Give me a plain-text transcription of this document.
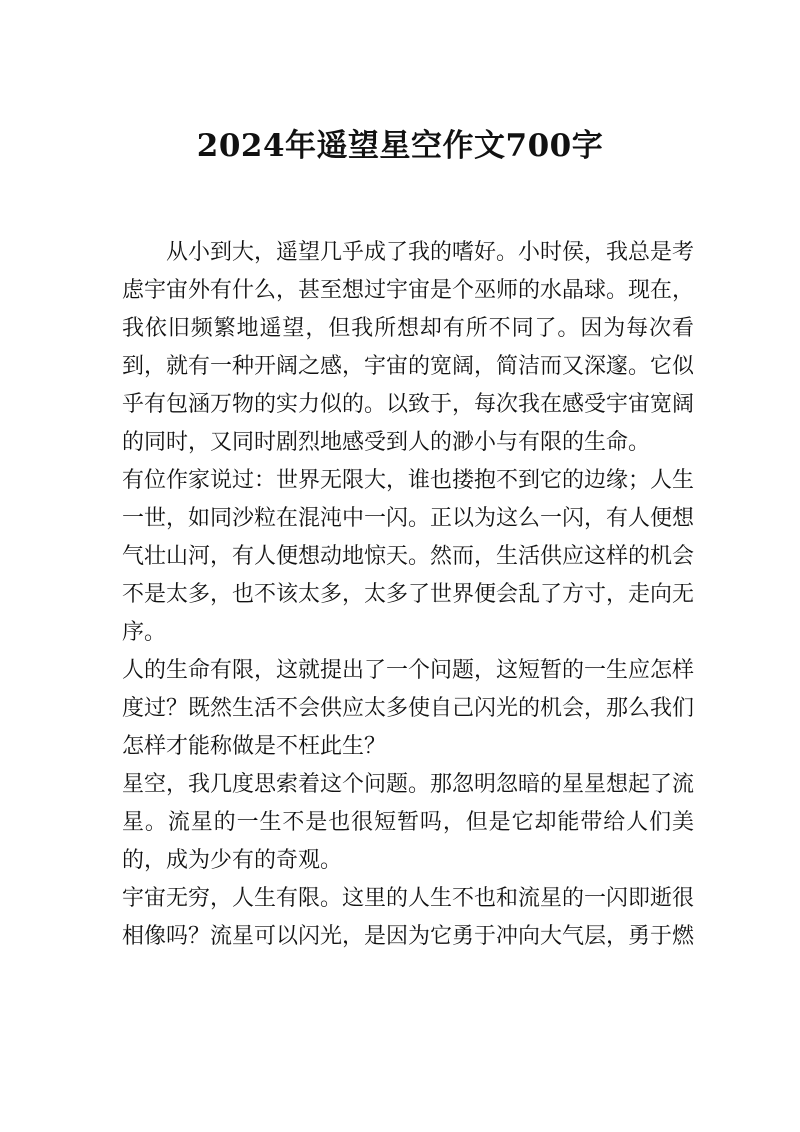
2024年遥望星空作文700字

从小到大，遥望几乎成了我的嗜好。小时侯，我总是考虑宇宙外有什么，甚至想过宇宙是个巫师的水晶球。现在，我依旧频繁地遥望，但我所想却有所不同了。因为每次看到，就有一种开阔之感，宇宙的宽阔，简洁而又深邃。它似乎有包涵万物的实力似的。以致于，每次我在感受宇宙宽阔的同时，又同时剧烈地感受到人的渺小与有限的生命。

有位作家说过：世界无限大，谁也搂抱不到它的边缘；人生一世，如同沙粒在混沌中一闪。正以为这么一闪，有人便想气壮山河，有人便想动地惊天。然而，生活供应这样的机会不是太多，也不该太多，太多了世界便会乱了方寸，走向无序。

人的生命有限，这就提出了一个问题，这短暂的一生应怎样度过？既然生活不会供应太多使自己闪光的机会，那么我们怎样才能称做是不枉此生？

星空，我几度思索着这个问题。那忽明忽暗的星星想起了流星。流星的一生不是也很短暂吗，但是它却能带给人们美的，成为少有的奇观。

宇宙无穷，人生有限。这里的人生不也和流星的一闪即逝很相像吗？流星可以闪光，是因为它勇于冲向大气层，勇于燃
